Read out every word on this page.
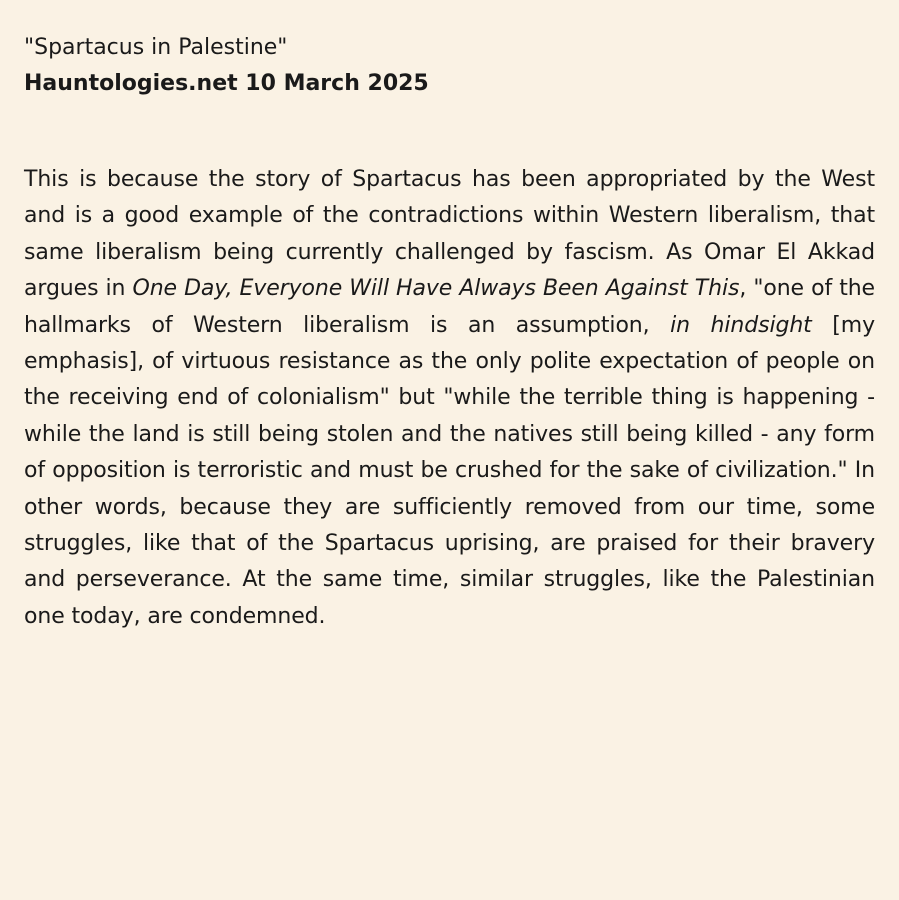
"Spartacus in Palestine"

Hauntologies.net 10 March 2025

This is because the story of Spartacus has been appropriated by the West and is a good example of the contradictions within Western liberalism, that same liberalism being currently challenged by fascism. As Omar El Akkad argues in One Day, Everyone Will Have Always Been Against This, "one of the hallmarks of Western liberalism is an assumption, in hindsight [my emphasis], of virtuous resistance as the only polite expectation of people on the receiving end of colonialism" but "while the terrible thing is happening - while the land is still being stolen and the natives still being killed - any form of opposition is terroristic and must be crushed for the sake of civilization." In other words, because they are sufficiently removed from our time, some struggles, like that of the Spartacus uprising, are praised for their bravery and perseverance. At the same time, similar struggles, like the Palestinian one today, are condemned.
